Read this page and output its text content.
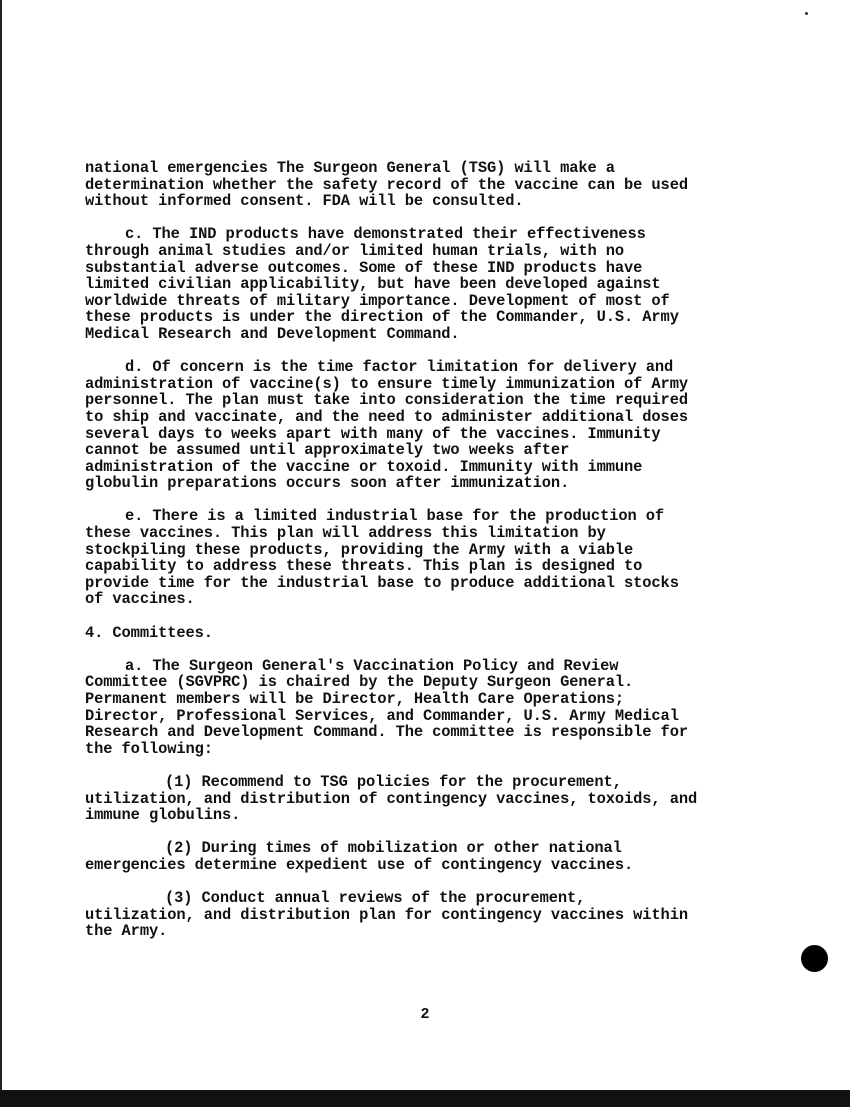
national emergencies The Surgeon General (TSG) will make a
determination whether the safety record of the vaccine can be used
without informed consent. FDA will be consulted.

c. The IND products have demonstrated their effectiveness
through animal studies and/or limited human trials, with no
substantial adverse outcomes. Some of these IND products have
limited civilian applicability, but have been developed against
worldwide threats of military importance. Development of most of
these products is under the direction of the Commander, U.S. Army
Medical Research and Development Command.

d. Of concern is the time factor limitation for delivery and
administration of vaccine(s) to ensure timely immunization of Army
personnel. The plan must take into consideration the time required
to ship and vaccinate, and the need to administer additional doses
several days to weeks apart with many of the vaccines. Immunity
cannot be assumed until approximately two weeks after
administration of the vaccine or toxoid. Immunity with immune
globulin preparations occurs soon after immunization.

e. There is a limited industrial base for the production of
these vaccines. This plan will address this limitation by
stockpiling these products, providing the Army with a viable
capability to address these threats. This plan is designed to
provide time for the industrial base to produce additional stocks
of vaccines.

4. Committees.

a. The Surgeon General's Vaccination Policy and Review
Committee (SGVPRC) is chaired by the Deputy Surgeon General.
Permanent members will be Director, Health Care Operations;
Director, Professional Services, and Commander, U.S. Army Medical
Research and Development Command. The committee is responsible for
the following:

(1) Recommend to TSG policies for the procurement,
utilization, and distribution of contingency vaccines, toxoids, and
immune globulins.

(2) During times of mobilization or other national
emergencies determine expedient use of contingency vaccines.

(3) Conduct annual reviews of the procurement,
utilization, and distribution plan for contingency vaccines within
the Army.

2
